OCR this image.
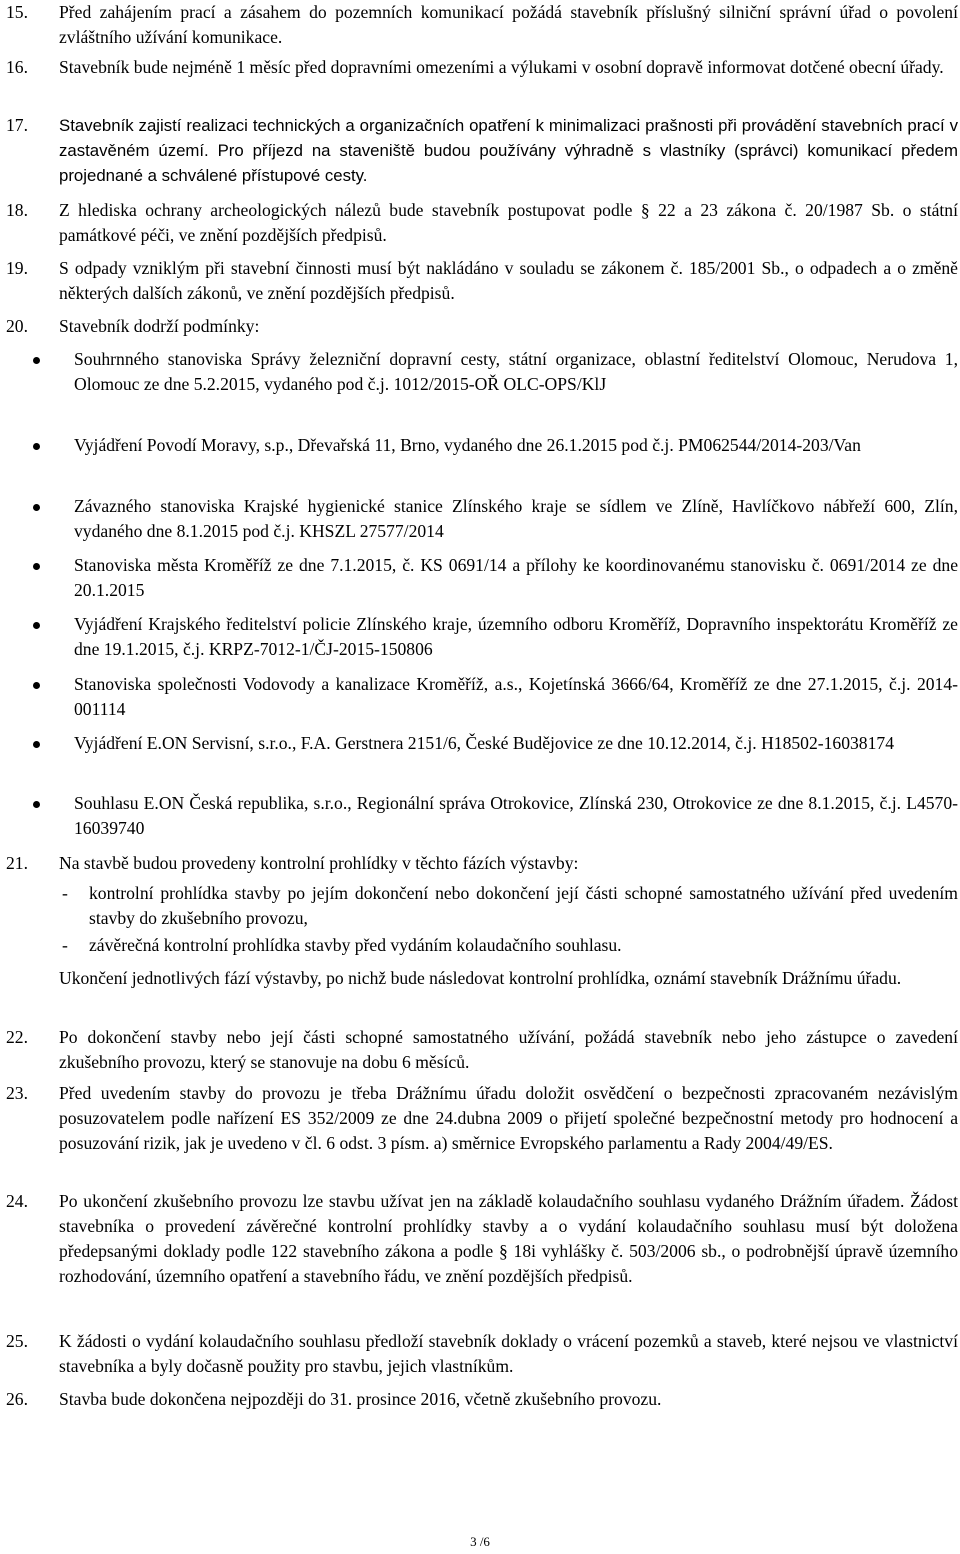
15. Před zahájením prací a zásahem do pozemních komunikací požádá stavebník příslušný silniční správní úřad o povolení zvláštního užívání komunikace.
16. Stavebník bude nejméně 1 měsíc před dopravními omezeními a výlukami v osobní dopravě informovat dotčené obecní úřady.
17. Stavebník zajistí realizaci technických a organizačních opatření k minimalizaci prašnosti při provádění stavebních prací v zastavěném území. Pro příjezd na staveniště budou používány výhradně s vlastníky (správci) komunikací předem projednané a schválené přístupové cesty.
18. Z hlediska ochrany archeologických nálezů bude stavebník postupovat podle § 22 a 23 zákona č. 20/1987 Sb. o státní památkové péči, ve znění pozdějších předpisů.
19. S odpady vzniklým při stavební činnosti musí být nakládáno v souladu se zákonem č. 185/2001 Sb., o odpadech a o změně některých dalších zákonů, ve znění pozdějších předpisů.
20. Stavebník dodrží podmínky:
Souhrnného stanoviska Správy železniční dopravní cesty, státní organizace, oblastní ředitelství Olomouc, Nerudova 1, Olomouc ze dne 5.2.2015, vydaného pod č.j. 1012/2015-OŘ OLC-OPS/KlJ
Vyjádření Povodí Moravy, s.p., Dřevařská 11, Brno, vydaného dne 26.1.2015 pod č.j. PM062544/2014-203/Van
Závazného stanoviska Krajské hygienické stanice Zlínského kraje se sídlem ve Zlíně, Havlíčkovo nábřeží 600, Zlín, vydaného dne 8.1.2015 pod č.j. KHSZL 27577/2014
Stanoviska města Kroměříž ze dne 7.1.2015, č. KS 0691/14 a přílohy ke koordinovanému stanovisku č. 0691/2014 ze dne 20.1.2015
Vyjádření Krajského ředitelství policie Zlínského kraje, územního odboru Kroměříž, Dopravního inspektorátu Kroměříž ze dne 19.1.2015, č.j. KRPZ-7012-1/ČJ-2015-150806
Stanoviska společnosti Vodovody a kanalizace Kroměříž, a.s., Kojetínská 3666/64, Kroměříž ze dne 27.1.2015, č.j. 2014-001114
Vyjádření E.ON Servisní, s.r.o., F.A. Gerstnera 2151/6, České Budějovice ze dne 10.12.2014, č.j. H18502-16038174
Souhlasu E.ON Česká republika, s.r.o., Regionální správa Otrokovice, Zlínská 230, Otrokovice ze dne 8.1.2015, č.j. L4570-16039740
21. Na stavbě budou provedeny kontrolní prohlídky v těchto fázích výstavby:
- kontrolní prohlídka stavby po jejím dokončení nebo dokončení její části schopné samostatného užívání před uvedením stavby do zkušebního provozu,
- závěrečná kontrolní prohlídka stavby před vydáním kolaudačního souhlasu.
Ukončení jednotlivých fází výstavby, po nichž bude následovat kontrolní prohlídka, oznámí stavebník Drážnímu úřadu.
22. Po dokončení stavby nebo její části schopné samostatného užívání, požádá stavebník nebo jeho zástupce o zavedení zkušebního provozu, který se stanovuje na dobu 6 měsíců.
23. Před uvedením stavby do provozu je třeba Drážnímu úřadu doložit osvědčení o bezpečnosti zpracovaném nezávislým posuzovatelem podle nařízení ES 352/2009 ze dne 24.dubna 2009 o přijetí společné bezpečnostní metody pro hodnocení a posuzování rizik, jak je uvedeno v čl. 6 odst. 3 písm. a) směrnice Evropského parlamentu a Rady 2004/49/ES.
24. Po ukončení zkušebního provozu lze stavbu užívat jen na základě kolaudačního souhlasu vydaného Drážním úřadem. Žádost stavebníka o provedení závěrečné kontrolní prohlídky stavby a o vydání kolaudačního souhlasu musí být doložena předepsanými doklady podle 122 stavebního zákona a podle § 18i vyhlášky č. 503/2006 sb., o podrobnější úpravě územního rozhodování, územního opatření a stavebního řádu, ve znění pozdějších předpisů.
25. K žádosti o vydání kolaudačního souhlasu předloží stavebník doklady o vrácení pozemků a staveb, které nejsou ve vlastnictví stavebníka a byly dočasně použity pro stavbu, jejich vlastníkům.
26. Stavba bude dokončena nejpozději do 31. prosince 2016, včetně zkušebního provozu.
3 /6
